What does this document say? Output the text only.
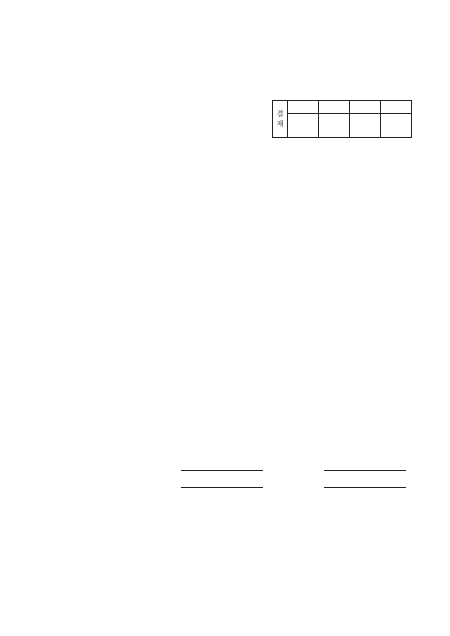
결
재				
